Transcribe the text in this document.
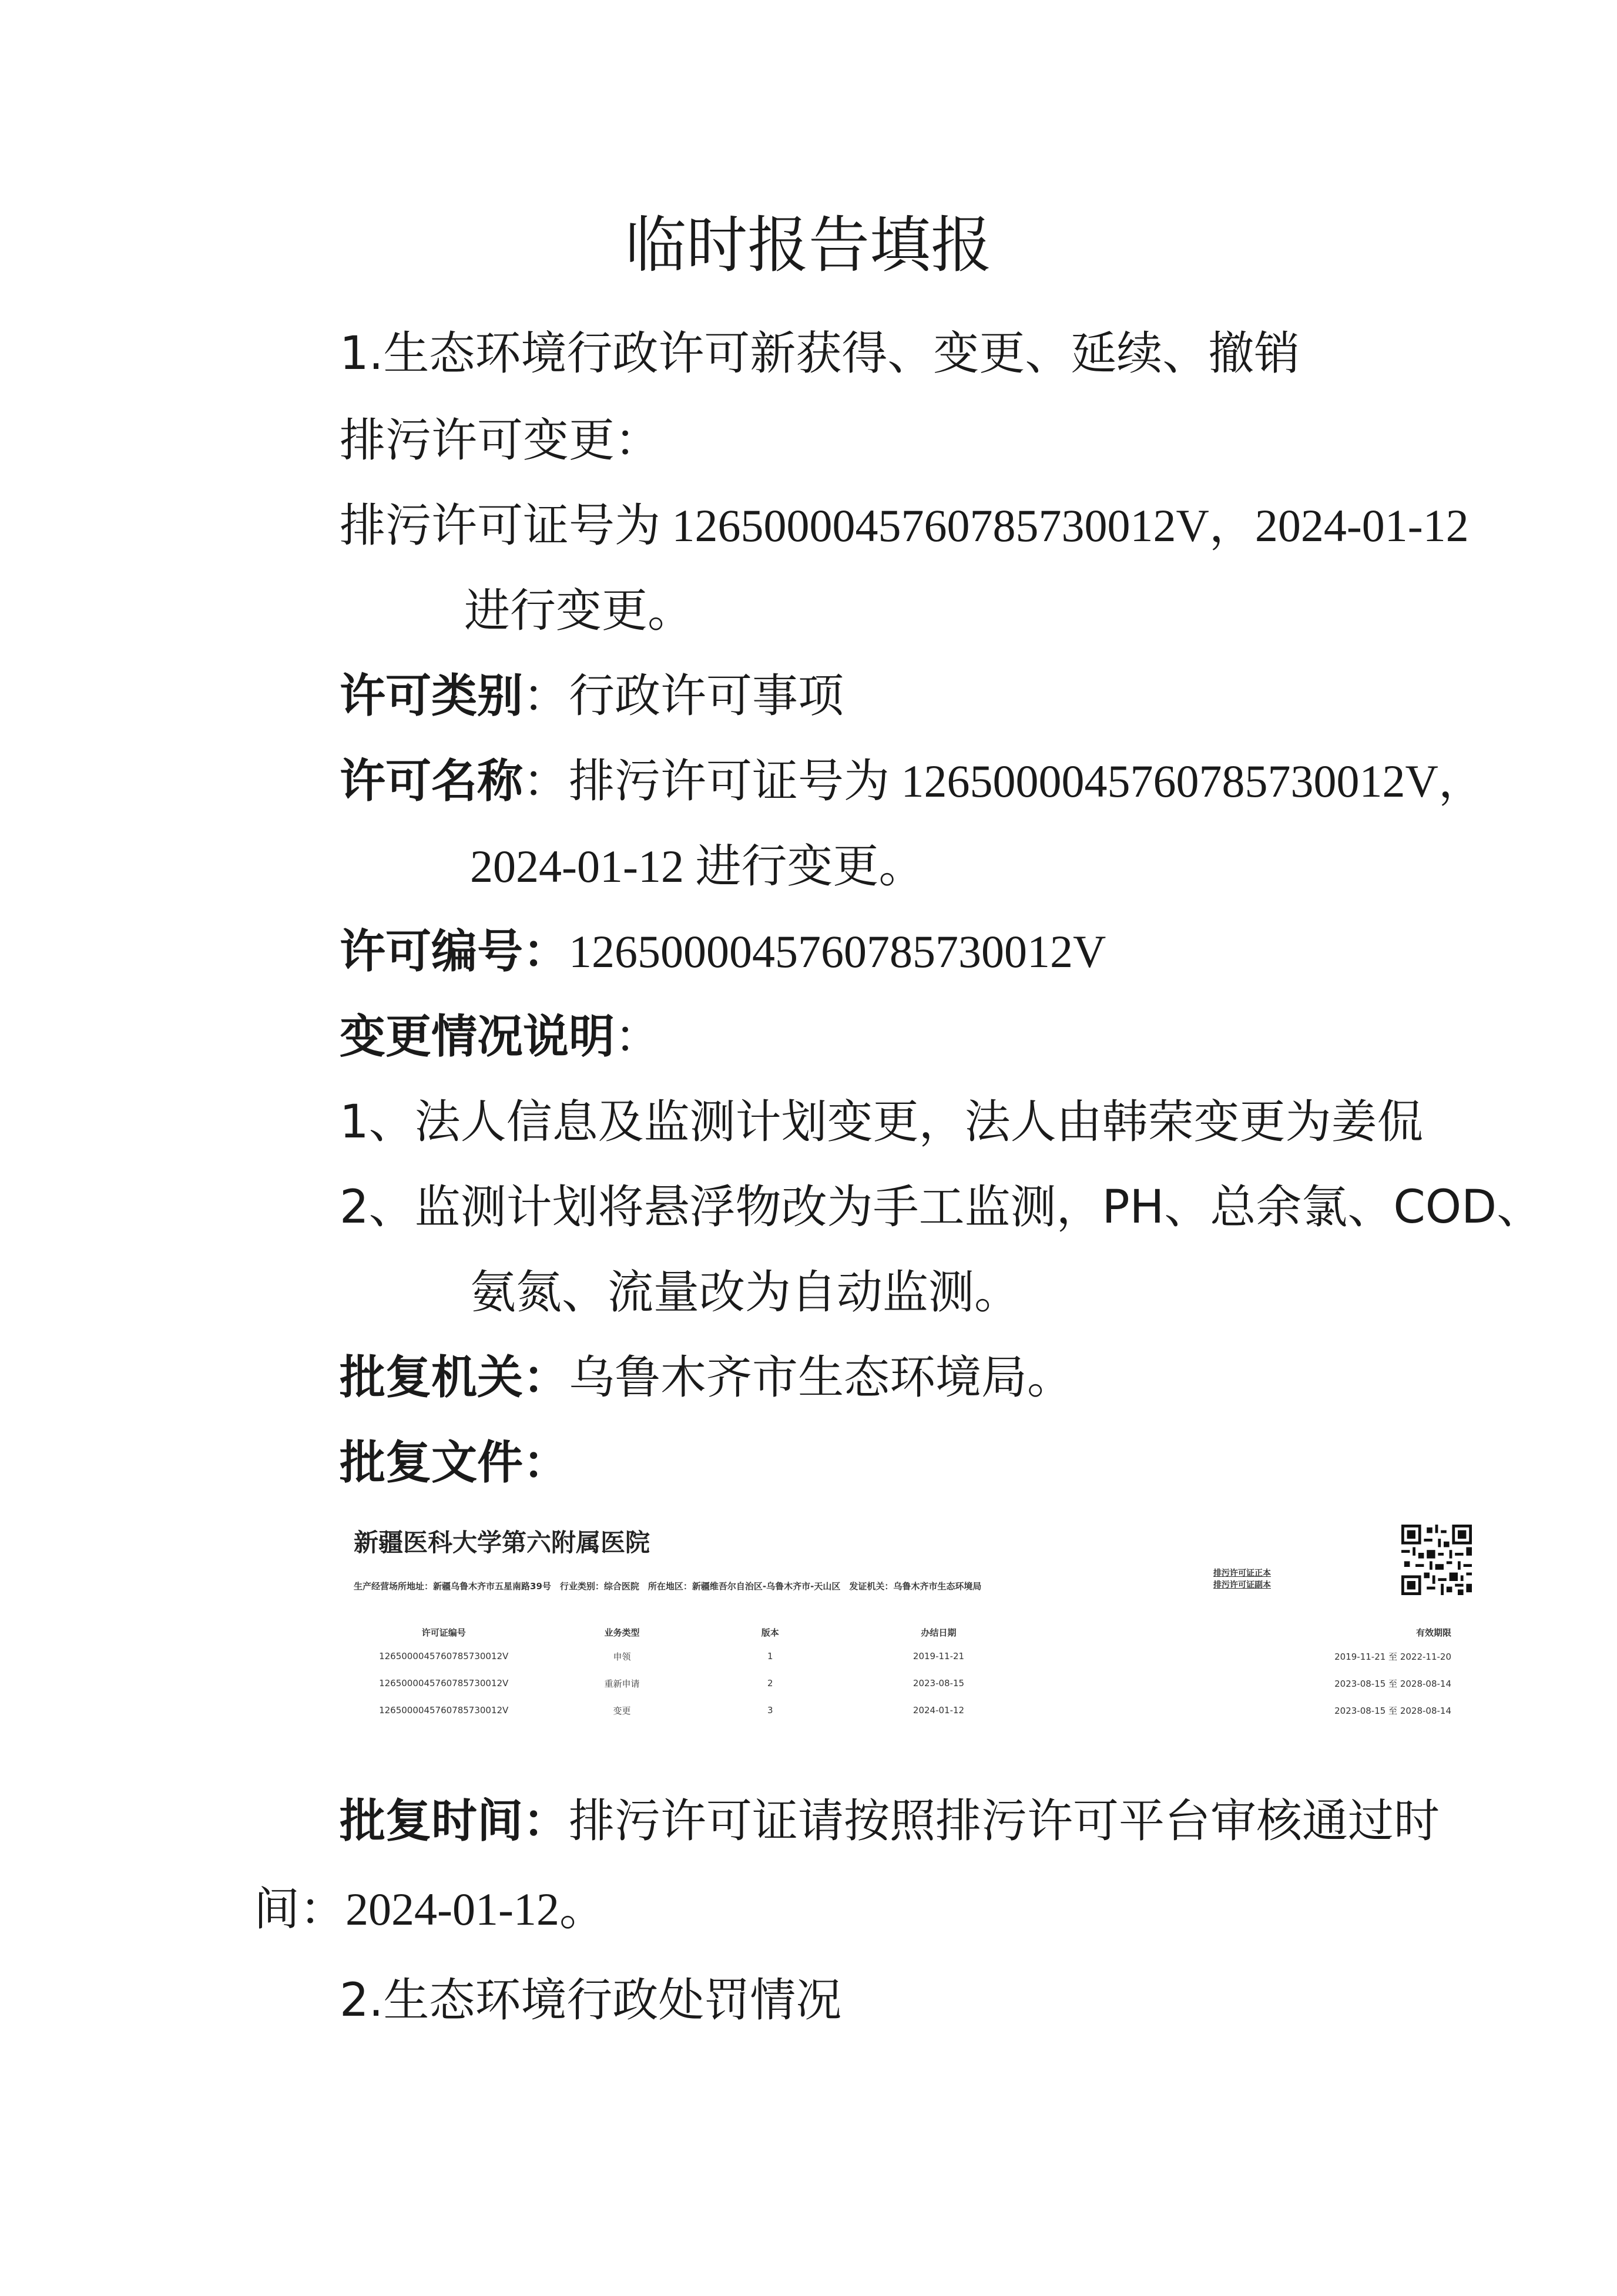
临时报告填报
1.生态环境行政许可新获得、变更、延续、撤销
排污许可变更：
排污许可证号为 1265000045760785730012V，2024-01-12
进行变更。
许可类别：行政许可事项
许可名称：排污许可证号为 1265000045760785730012V，
2024-01-12 进行变更。
许可编号：1265000045760785730012V
变更情况说明：
1、法人信息及监测计划变更，法人由韩荣变更为姜侃
2、监测计划将悬浮物改为手工监测，PH、总余氯、COD、
氨氮、流量改为自动监测。
批复机关：乌鲁木齐市生态环境局。
批复文件：
新疆医科大学第六附属医院
生产经营场所地址：新疆乌鲁木齐市五星南路39号　行业类别：综合医院　所在地区：新疆维吾尔自治区-乌鲁木齐市-天山区　发证机关：乌鲁木齐市生态环境局
排污许可证正本
排污许可证副本
许可证编号	业务类型	版本	办结日期	有效期限
1265000045760785730012V	申领	1	2019-11-21	2019-11-21 至 2022-11-20
1265000045760785730012V	重新申请	2	2023-08-15	2023-08-15 至 2028-08-14
1265000045760785730012V	变更	3	2024-01-12	2023-08-15 至 2028-08-14
批复时间：排污许可证请按照排污许可平台审核通过时
间：2024-01-12。
2.生态环境行政处罚情况
